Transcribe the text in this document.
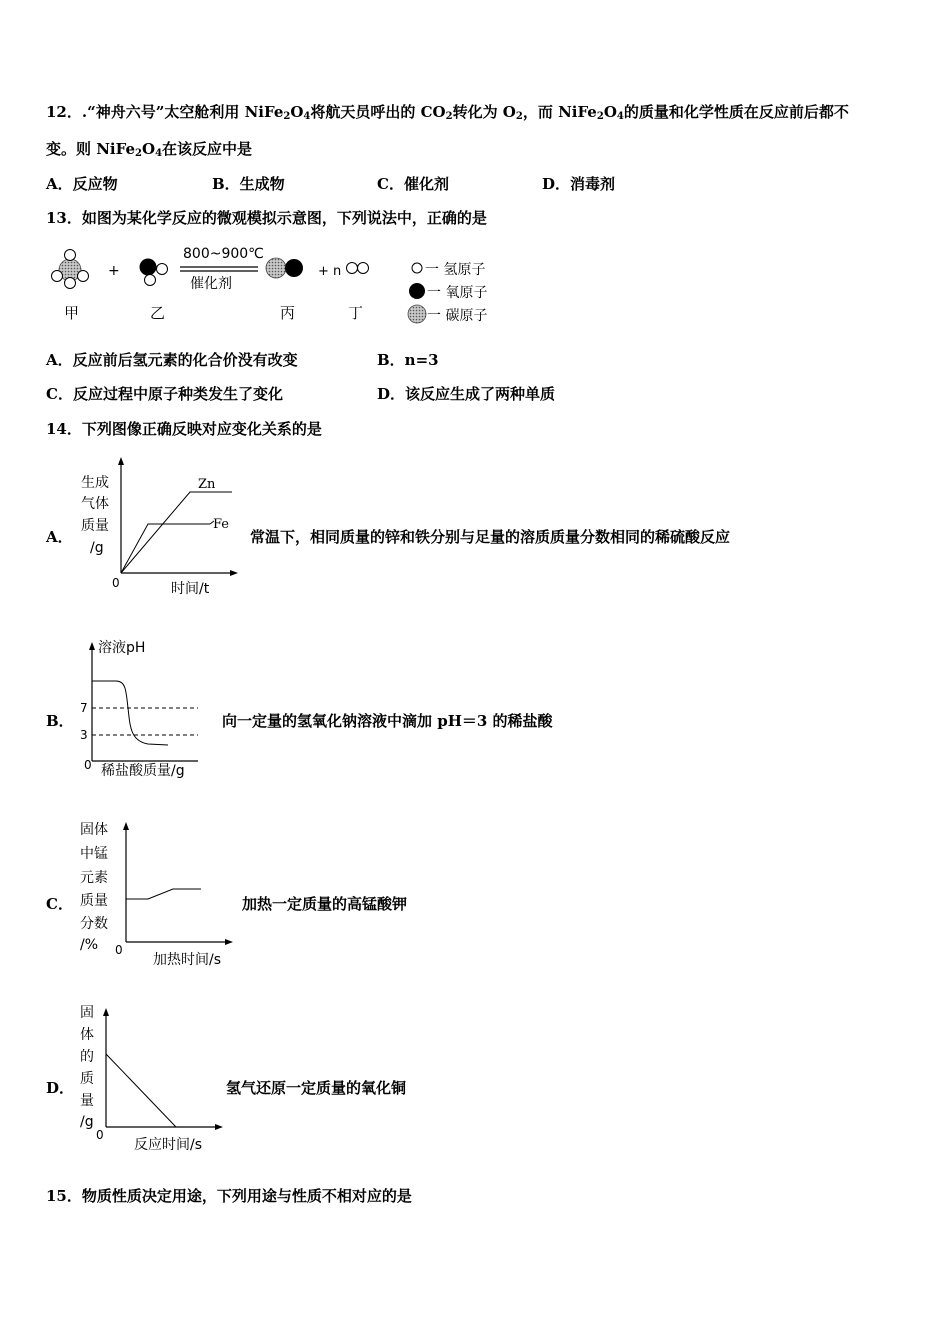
12．.“神舟六号”太空舱利用 NiFe2O4将航天员呼出的 CO2转化为 O2，而 NiFe2O4的质量和化学性质在反应前后都不
变。则 NiFe2O4在该反应中是
A．反应物	B．生成物	C．催化剂	D．消毒剂
13．如图为某化学反应的微观模拟示意图，下列说法中，正确的是
+
800~900℃
催化剂
+ n
甲	乙	丙	丁
一 氢原子
一 氧原子
一 碳原子
A．反应前后氢元素的化合价没有改变	B．n=3
C．反应过程中原子种类发生了变化	D．该反应生成了两种单质
14．下列图像正确反映对应变化关系的是
A．
生成
气体
质量
/g
Zn
Fe
0	时间/t
常温下，相同质量的锌和铁分别与足量的溶质质量分数相同的稀硫酸反应
B．
溶液pH
7
3
0 稀盐酸质量/g
向一定量的氢氧化钠溶液中滴加 pH＝3 的稀盐酸
C．
固体
中锰
元素
质量
分数
/% 0
加热时间/s
加热一定质量的高锰酸钾
D．
固
体
的
质
量
/g
0
反应时间/s
氢气还原一定质量的氧化铜
15．物质性质决定用途，下列用途与性质不相对应的是
